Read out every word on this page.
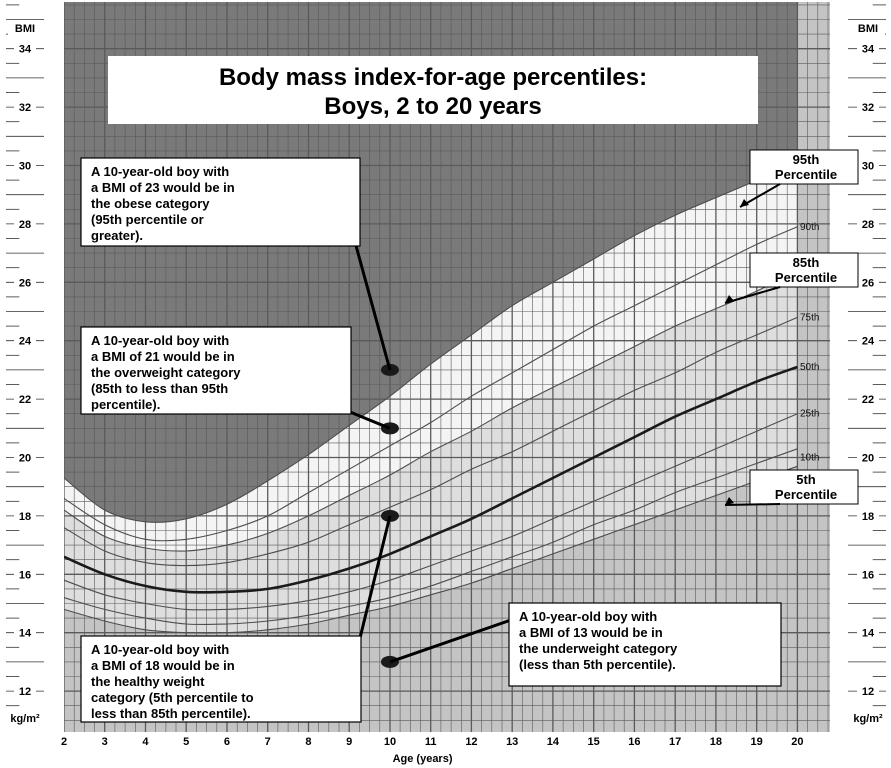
12	12
14	14
16	16
18	18
20	20
22	22
24	24
26	26
28	28
30	30
32	32
34	34
BMI
kg/m²
BMI
kg/m²
2	3	4	5	6	7	8	9	10	11	12	13	14	15	16	17	18	19	20
Age (years)
Body mass index-for-age percentiles:
Boys, 2 to 20 years
90th
75th
50th
25th
10th
95th
Percentile
85th
Percentile
5th
Percentile
A 10-year-old boy with
a BMI of 23 would be in
the obese category
(95th percentile or
greater).
A 10-year-old boy with
a BMI of 21 would be in
the overweight category
(85th to less than 95th
percentile).
A 10-year-old boy with
a BMI of 18 would be in
the healthy weight
category (5th percentile to
less than 85th percentile).
A 10-year-old boy with
a BMI of 13 would be in
the underweight category
(less than 5th percentile).
